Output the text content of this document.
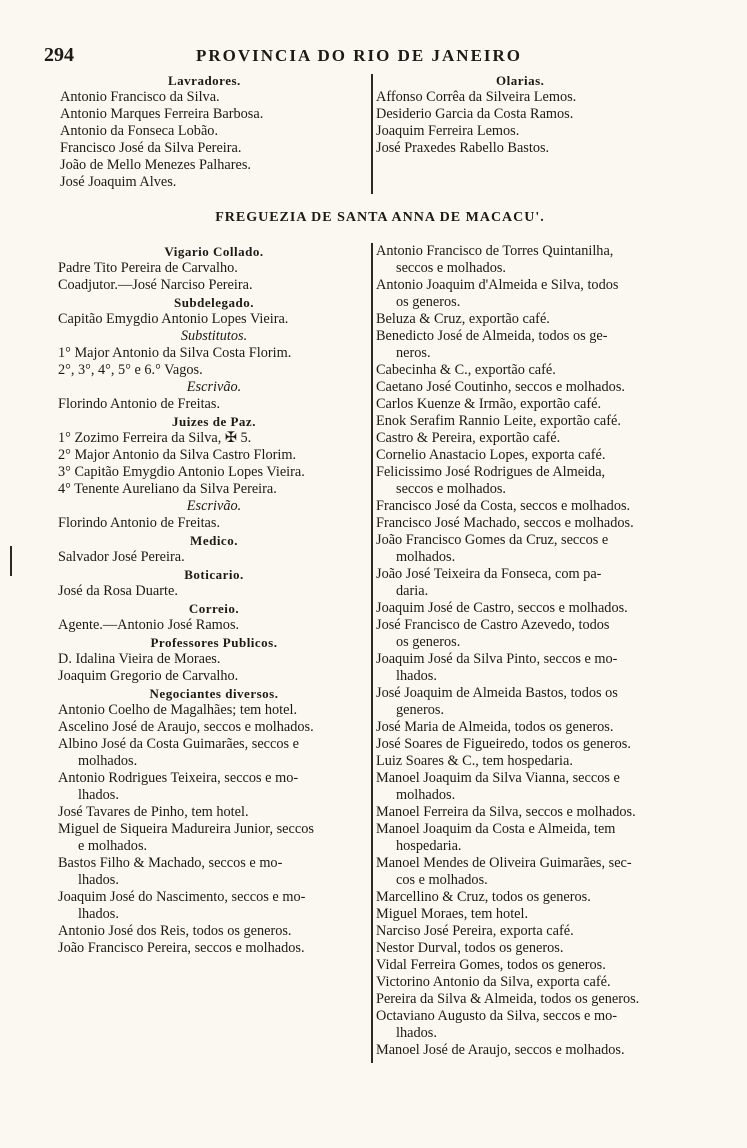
294	PROVINCIA DO RIO DE JANEIRO
Lavradores.
Antonio Francisco da Silva.
Antonio Marques Ferreira Barbosa.
Antonio da Fonseca Lobão.
Francisco José da Silva Pereira.
João de Mello Menezes Palhares.
José Joaquim Alves.
Olarias.
Affonso Corrêa da Silveira Lemos.
Desiderio Garcia da Costa Ramos.
Joaquim Ferreira Lemos.
José Praxedes Rabello Bastos.
FREGUEZIA DE SANTA ANNA DE MACACU'.
Vigario Collado.
Padre Tito Pereira de Carvalho.
Coadjutor.—José Narciso Pereira.
Subdelegado.
Capitão Emygdio Antonio Lopes Vieira.
Substitutos.
1° Major Antonio da Silva Costa Florim.
2°, 3°, 4°, 5° e 6.° Vagos.
Escrivão.
Florindo Antonio de Freitas.
Juizes de Paz.
1° Zozimo Ferreira da Silva, ✠ 5.
2° Major Antonio da Silva Castro Florim.
3° Capitão Emygdio Antonio Lopes Vieira.
4° Tenente Aureliano da Silva Pereira.
Escrivão.
Florindo Antonio de Freitas.
Medico.
Salvador José Pereira.
Boticario.
José da Rosa Duarte.
Correio.
Agente.—Antonio José Ramos.
Professores Publicos.
D. Idalina Vieira de Moraes.
Joaquim Gregorio de Carvalho.
Negociantes diversos.
Antonio Coelho de Magalhães; tem hotel.
Ascelino José de Araujo, seccos e molhados.
Albino José da Costa Guimarães, seccos e
molhados.
Antonio Rodrigues Teixeira, seccos e mo-
lhados.
José Tavares de Pinho, tem hotel.
Miguel de Siqueira Madureira Junior, seccos
e molhados.
Bastos Filho & Machado, seccos e mo-
lhados.
Joaquim José do Nascimento, seccos e mo-
lhados.
Antonio José dos Reis, todos os generos.
João Francisco Pereira, seccos e molhados.
Antonio Francisco de Torres Quintanilha,
seccos e molhados.
Antonio Joaquim d'Almeida e Silva, todos
os generos.
Beluza & Cruz, exportão café.
Benedicto José de Almeida, todos os ge-
neros.
Cabecinha & C., exportão café.
Caetano José Coutinho, seccos e molhados.
Carlos Kuenze & Irmão, exportão café.
Enok Serafim Rannio Leite, exportão café.
Castro & Pereira, exportão café.
Cornelio Anastacio Lopes, exporta café.
Felicissimo José Rodrigues de Almeida,
seccos e molhados.
Francisco José da Costa, seccos e molhados.
Francisco José Machado, seccos e molhados.
João Francisco Gomes da Cruz, seccos e
molhados.
João José Teixeira da Fonseca, com pa-
daria.
Joaquim José de Castro, seccos e molhados.
José Francisco de Castro Azevedo, todos
os generos.
Joaquim José da Silva Pinto, seccos e mo-
lhados.
José Joaquim de Almeida Bastos, todos os
generos.
José Maria de Almeida, todos os generos.
José Soares de Figueiredo, todos os generos.
Luiz Soares & C., tem hospedaria.
Manoel Joaquim da Silva Vianna, seccos e
molhados.
Manoel Ferreira da Silva, seccos e molhados.
Manoel Joaquim da Costa e Almeida, tem
hospedaria.
Manoel Mendes de Oliveira Guimarães, sec-
cos e molhados.
Marcellino & Cruz, todos os generos.
Miguel Moraes, tem hotel.
Narciso José Pereira, exporta café.
Nestor Durval, todos os generos.
Vidal Ferreira Gomes, todos os generos.
Victorino Antonio da Silva, exporta café.
Pereira da Silva & Almeida, todos os generos.
Octaviano Augusto da Silva, seccos e mo-
lhados.
Manoel José de Araujo, seccos e molhados.
